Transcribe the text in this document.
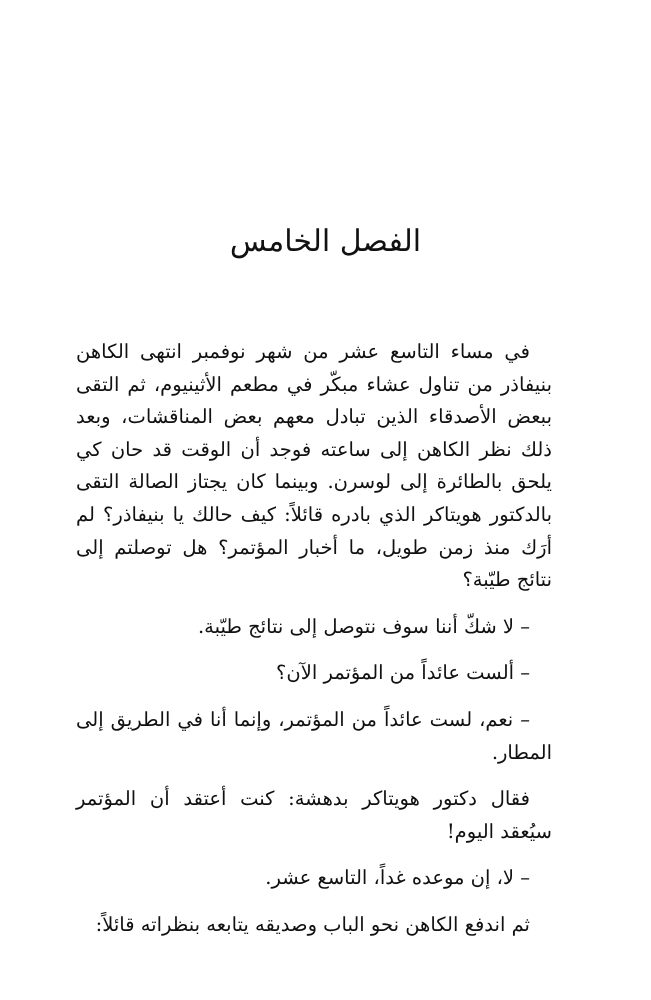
الفصل الخامس

في مساء التاسع عشر من شهر نوفمبر انتهى الكاهن بنيفاذر من تناول عشاء مبكّر في مطعم الأثينيوم، ثم التقى ببعض الأصدقاء الذين تبادل معهم بعض المناقشات، وبعد ذلك نظر الكاهن إلى ساعته فوجد أن الوقت قد حان كي يلحق بالطائرة إلى لوسرن. وبينما كان يجتاز الصالة التقى بالدكتور هويتاكر الذي بادره قائلاً: كيف حالك يا بنيفاذر؟ لم أرَك منذ زمن طويل، ما أخبار المؤتمر؟ هل توصلتم إلى نتائج طيّبة؟

– لا شكّ أننا سوف نتوصل إلى نتائج طيّبة.

– ألست عائداً من المؤتمر الآن؟

– نعم، لست عائداً من المؤتمر، وإنما أنا في الطريق إلى المطار.

فقال دكتور هويتاكر بدهشة: كنت أعتقد أن المؤتمر سيُعقد اليوم!

– لا، إن موعده غداً، التاسع عشر.

ثم اندفع الكاهن نحو الباب وصديقه يتابعه بنظراته قائلاً:
